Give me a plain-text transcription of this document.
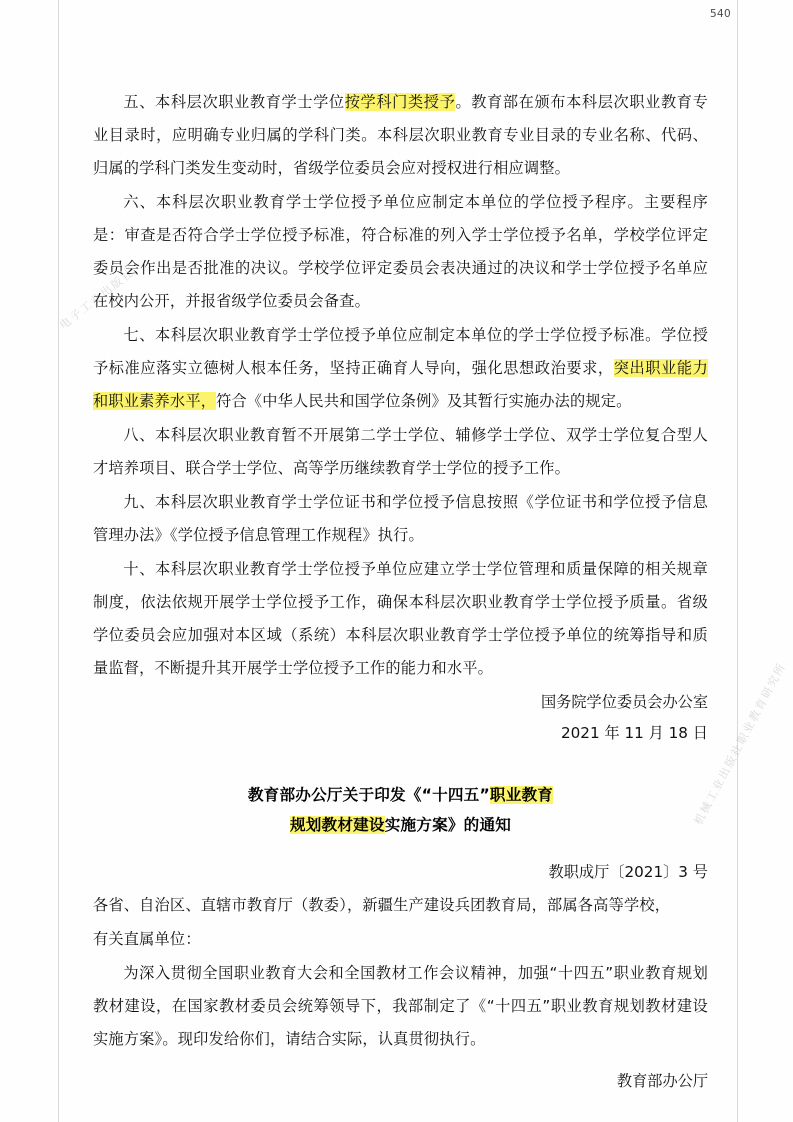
540
电子工业出版社
机械工业出版社职业教育研究所

五、本科层次职业教育学士学位按学科门类授予。教育部在颁布本科层次职业教育专业目录时，应明确专业归属的学科门类。本科层次职业教育专业目录的专业名称、代码、归属的学科门类发生变动时，省级学位委员会应对授权进行相应调整。

六、本科层次职业教育学士学位授予单位应制定本单位的学位授予程序。主要程序是：审查是否符合学士学位授予标准，符合标准的列入学士学位授予名单，学校学位评定委员会作出是否批准的决议。学校学位评定委员会表决通过的决议和学士学位授予名单应在校内公开，并报省级学位委员会备查。

七、本科层次职业教育学士学位授予单位应制定本单位的学士学位授予标准。学位授予标准应落实立德树人根本任务，坚持正确育人导向，强化思想政治要求，突出职业能力和职业素养水平，符合《中华人民共和国学位条例》及其暂行实施办法的规定。

八、本科层次职业教育暂不开展第二学士学位、辅修学士学位、双学士学位复合型人才培养项目、联合学士学位、高等学历继续教育学士学位的授予工作。

九、本科层次职业教育学士学位证书和学位授予信息按照《学位证书和学位授予信息管理办法》《学位授予信息管理工作规程》执行。

十、本科层次职业教育学士学位授予单位应建立学士学位管理和质量保障的相关规章制度，依法依规开展学士学位授予工作，确保本科层次职业教育学士学位授予质量。省级学位委员会应加强对本区域（系统）本科层次职业教育学士学位授予单位的统筹指导和质量监督，不断提升其开展学士学位授予工作的能力和水平。

国务院学位委员会办公室

2021 年 11 月 18 日

教育部办公厅关于印发《“十四五”职业教育
规划教材建设实施方案》的通知

教职成厅〔2021〕3 号

各省、自治区、直辖市教育厅（教委），新疆生产建设兵团教育局，部属各高等学校，

有关直属单位：

为深入贯彻全国职业教育大会和全国教材工作会议精神，加强“十四五”职业教育规划教材建设，在国家教材委员会统筹领导下，我部制定了《“十四五”职业教育规划教材建设实施方案》。现印发给你们，请结合实际，认真贯彻执行。

教育部办公厅
